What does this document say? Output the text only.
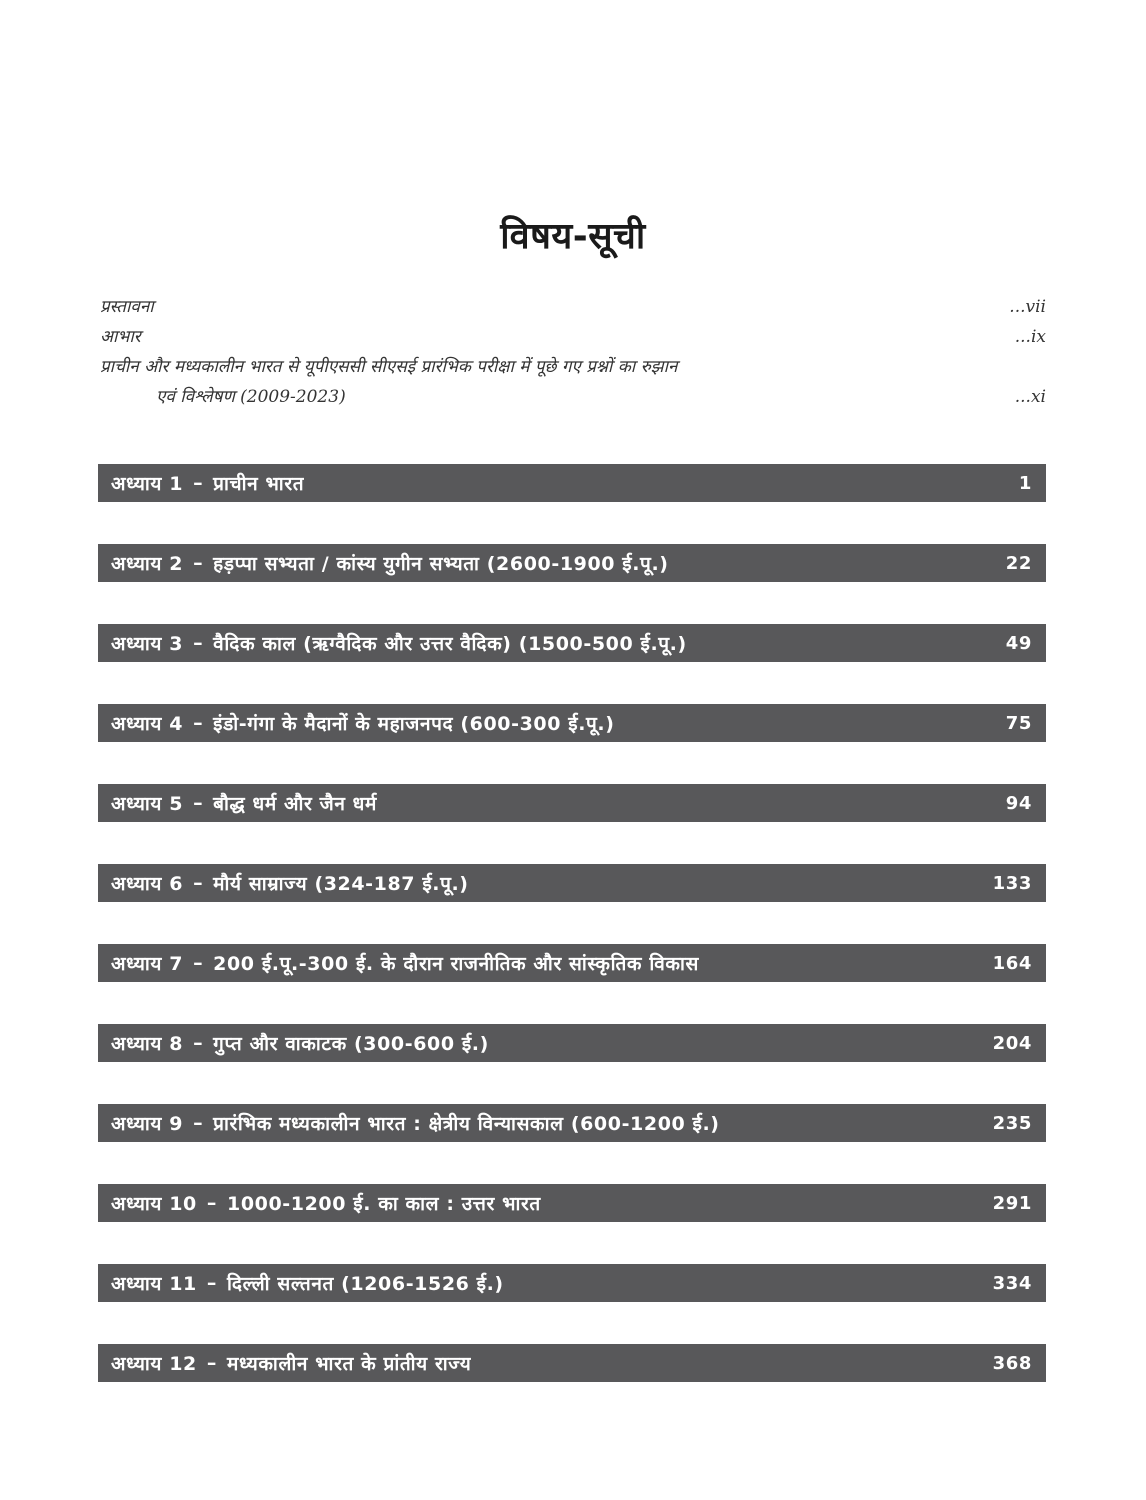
विषय-सूची
प्रस्तावना	...vii
आभार	...ix
प्राचीन और मध्यकालीन भारत से यूपीएससी सीएसई प्रारंभिक परीक्षा में पूछे गए प्रश्नों का रुझान
एवं विश्लेषण (2009-2023)	...xi
अध्याय 1 – प्राचीन भारत	1
अध्याय 2 – हड़प्पा सभ्यता / कांस्य युगीन सभ्यता (2600-1900 ई.पू.)	22
अध्याय 3 – वैदिक काल (ऋग्वैदिक और उत्तर वैदिक) (1500-500 ई.पू.)	49
अध्याय 4 – इंडो-गंगा के मैदानों के महाजनपद (600-300 ई.पू.)	75
अध्याय 5 – बौद्ध धर्म और जैन धर्म	94
अध्याय 6 – मौर्य साम्राज्य (324-187 ई.पू.)	133
अध्याय 7 – 200 ई.पू.-300 ई. के दौरान राजनीतिक और सांस्कृतिक विकास	164
अध्याय 8 – गुप्त और वाकाटक (300-600 ई.)	204
अध्याय 9 – प्रारंभिक मध्यकालीन भारत : क्षेत्रीय विन्यासकाल (600-1200 ई.)	235
अध्याय 10 – 1000-1200 ई. का काल : उत्तर भारत	291
अध्याय 11 – दिल्ली सल्तनत (1206-1526 ई.)	334
अध्याय 12 – मध्यकालीन भारत के प्रांतीय राज्य	368
